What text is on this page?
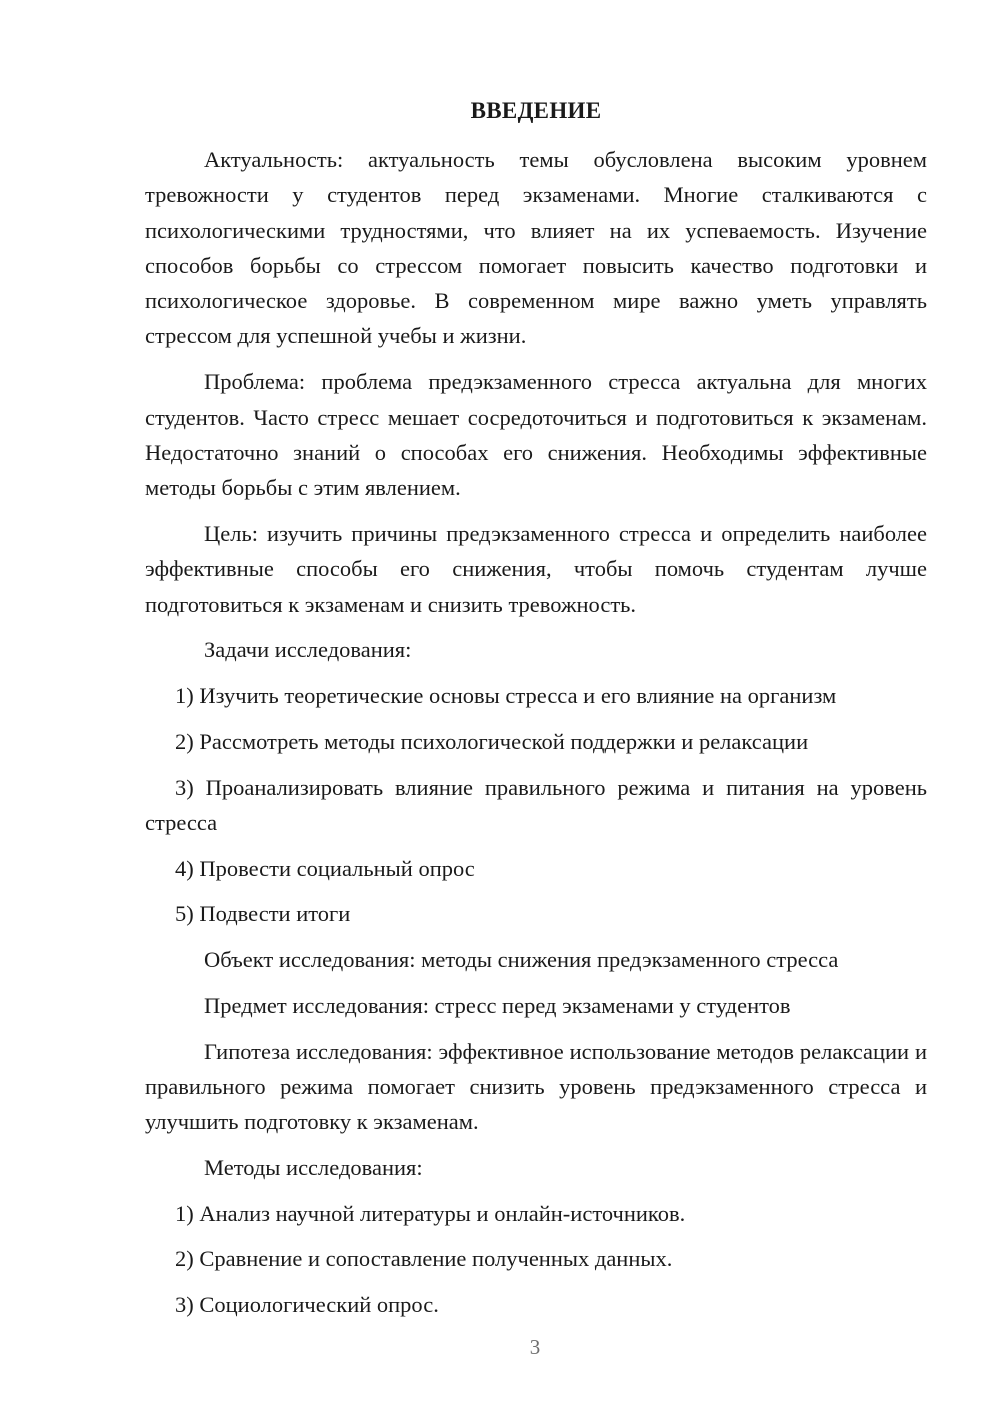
ВВЕДЕНИЕ

Актуальность: актуальность темы обусловлена высоким уровнем тревожности у студентов перед экзаменами. Многие сталкиваются с психологическими трудностями, что влияет на их успеваемость. Изучение способов борьбы со стрессом помогает повысить качество подготовки и психологическое здоровье. В современном мире важно уметь управлять стрессом для успешной учебы и жизни.

Проблема: проблема предэкзаменного стресса актуальна для многих студентов. Часто стресс мешает сосредоточиться и подготовиться к экзаменам. Недостаточно знаний о способах его снижения. Необходимы эффективные методы борьбы с этим явлением.

Цель: изучить причины предэкзаменного стресса и определить наиболее эффективные способы его снижения, чтобы помочь студентам лучше подготовиться к экзаменам и снизить тревожность.

Задачи исследования:

1) Изучить теоретические основы стресса и его влияние на организм

2) Рассмотреть методы психологической поддержки и релаксации

3) Проанализировать влияние правильного режима и питания на уровень стресса

4) Провести социальный опрос

5) Подвести итоги

Объект исследования: методы снижения предэкзаменного стресса

Предмет исследования: стресс перед экзаменами у студентов

Гипотеза исследования: эффективное использование методов релаксации и правильного режима помогает снизить уровень предэкзаменного стресса и улучшить подготовку к экзаменам.

Методы исследования:

1) Анализ научной литературы и онлайн-источников.

2) Сравнение и сопоставление полученных данных.

3) Социологический опрос.

3
